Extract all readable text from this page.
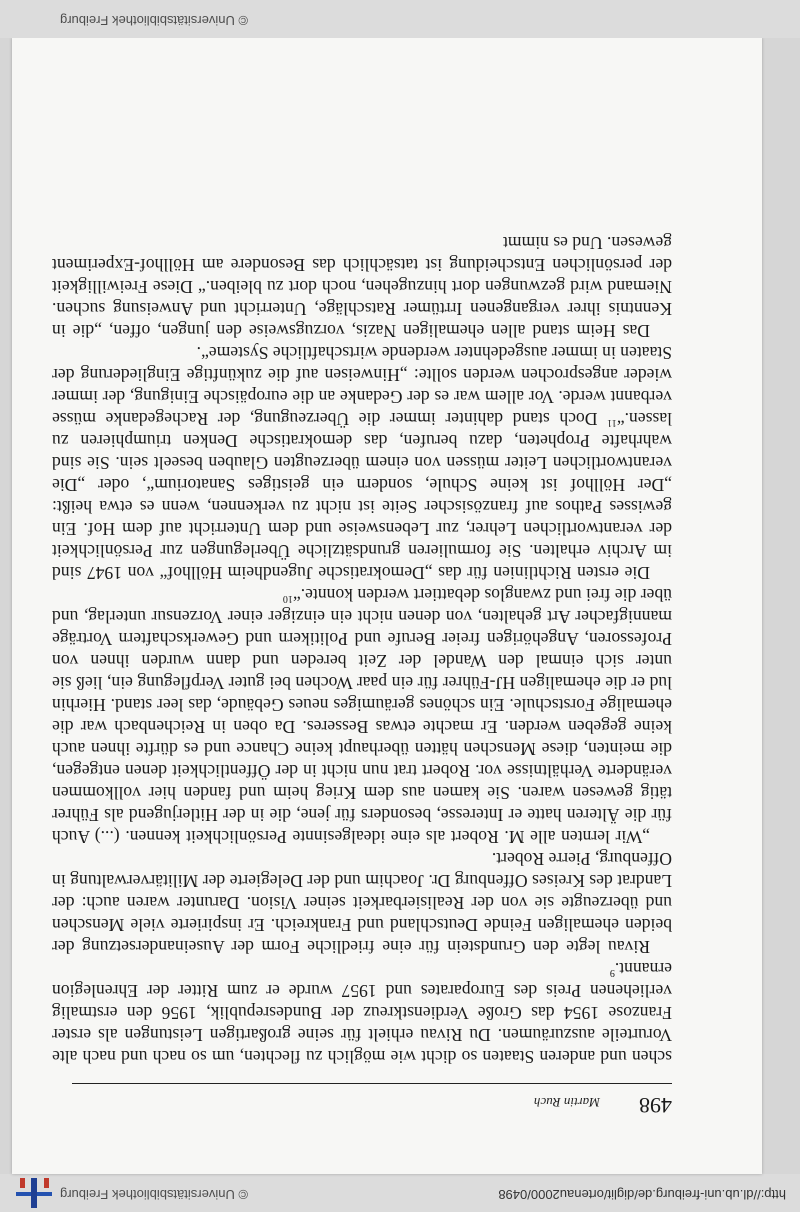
http://dl.ub.uni-freiburg.de/diglit/ortenau2000/0498
© Universitätsbibliothek Freiburg
498
Martin Ruch

schen und anderen Staaten so dicht wie möglich zu flechten, um so nach und nach alte Vorurteile auszuräumen. Du Rivau erhielt für seine großartigen Leistungen als erster Franzose 1954 das Große Verdienstkreuz der Bundesrepublik, 1956 den erstmalig verliehenen Preis des Europarates und 1957 wurde er zum Ritter der Ehrenlegion ernannt.$^9$

Rivau legte den Grundstein für eine friedliche Form der Auseinandersetzung der beiden ehemaligen Feinde Deutschland und Frankreich. Er inspirierte viele Menschen und überzeugte sie von der Realisierbarkeit seiner Vision. Darunter waren auch: der Landrat des Kreises Offenburg Dr. Joachim und der Delegierte der Militärverwaltung in Offenburg, Pierre Robert.

„Wir lernten alle M. Robert als eine idealgesinnte Persönlichkeit kennen. (...) Auch für die Älteren hatte er Interesse, besonders für jene, die in der Hitlerjugend als Führer tätig gewesen waren. Sie kamen aus dem Krieg heim und fanden hier vollkommen veränderte Verhältnisse vor. Robert trat nun nicht in der Öffentlichkeit denen entgegen, die meinten, diese Menschen hätten überhaupt keine Chance und es dürfte ihnen auch keine gegeben werden. Er machte etwas Besseres. Da oben in Reichenbach war die ehemalige Forstschule. Ein schönes geräumiges neues Gebäude, das leer stand. Hierhin lud er die ehemaligen HJ-Führer für ein paar Wochen bei guter Verpflegung ein, ließ sie unter sich einmal den Wandel der Zeit bereden und dann wurden ihnen von Professoren, Angehörigen freier Berufe und Politikern und Gewerkschaftern Vorträge mannigfacher Art gehalten, von denen nicht ein einziger einer Vorzensur unterlag, und über die frei und zwanglos debattiert werden konnte.“$^{10}$

Die ersten Richtlinien für das „Demokratische Jugendheim Höllhof“ von 1947 sind im Archiv erhalten. Sie formulieren grundsätzliche Überlegungen zur Persönlichkeit der verantwortlichen Lehrer, zur Lebensweise und dem Unterricht auf dem Hof. Ein gewisses Pathos auf französischer Seite ist nicht zu verkennen, wenn es etwa heißt: „Der Höllhof ist keine Schule, sondern ein geistiges Sanatorium“, oder „Die verantwortlichen Leiter müssen von einem überzeugten Glauben beseelt sein. Sie sind wahrhafte Propheten, dazu berufen, das demokratische Denken triumphieren zu lassen.“$^{11}$ Doch stand dahinter immer die Überzeugung, der Rachegedanke müsse verbannt werde. Vor allem war es der Gedanke an die europäische Einigung, der immer wieder angesprochen werden sollte: „Hinweisen auf die zukünftige Eingliederung der Staaten in immer ausgedehnter werdende wirtschaftliche Systeme“.

Das Heim stand allen ehemaligen Nazis, vorzugsweise den jungen, offen, „die in Kenntnis ihrer vergangenen Irrtümer Ratschläge, Unterricht und Anweisung suchen. Niemand wird gezwungen dort hinzugehen, noch dort zu bleiben.“ Diese Freiwilligkeit der persönlichen Entscheidung ist tatsächlich das Besondere am Höllhof-Experiment gewesen. Und es nimmt

© Universitätsbibliothek Freiburg
